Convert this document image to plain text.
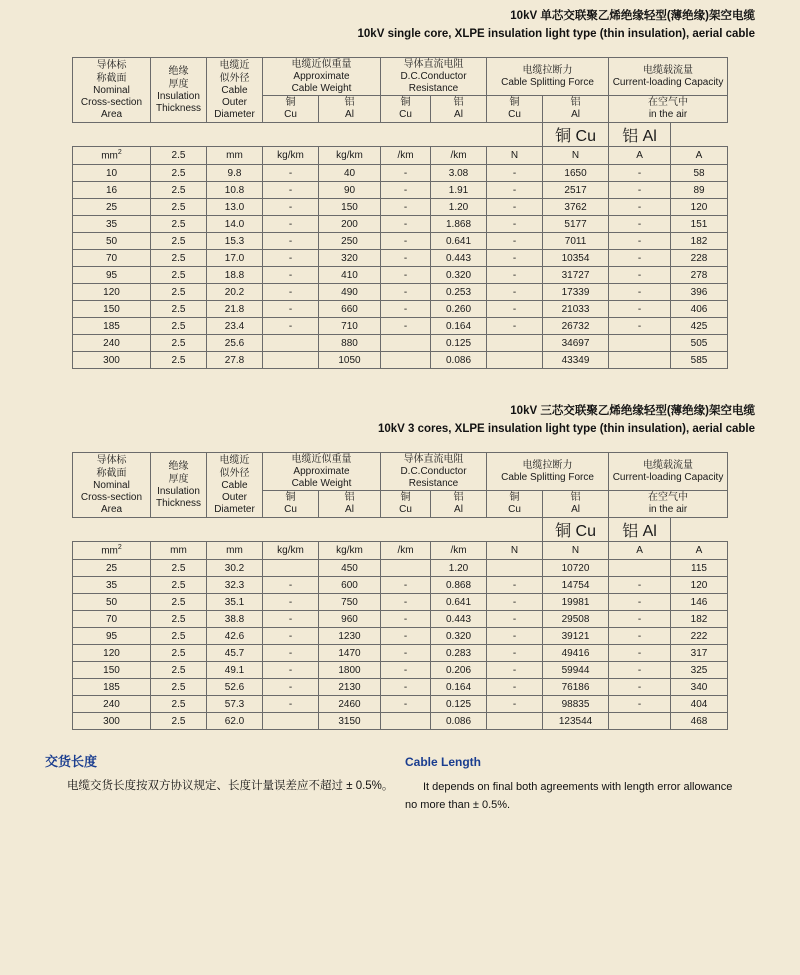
10kV 单芯交联聚乙烯绝缘轻型(薄绝缘)架空电缆
10kV single core, XLPE insulation light type (thin insulation), aerial cable
导体标
称截面
Nominal
Cross-section
Area	绝缘
厚度
Insulation
Thickness	电缆近
似外径
Cable
Outer
Diameter	电缆近似重量
Approximate
Cable Weight		导体直流电阻
D.C.Conductor
Resistance		电缆拉断力
Cable Splitting Force		电缆载流量
Current-loading Capacity	

			铜
Cu	铝
Al	铜
Cu	铝
Al	铜
Cu	铝
Al	在空气中
in the air	

								铜 Cu	铝 Al	
$mm^2$	2.5	mm	kg/km	kg/km	/km	/km	N	N	A	A
10	2.5	9.8	-	40	-	3.08	-	1650	-	58
16	2.5	10.8	-	90	-	1.91	-	2517	-	89
25	2.5	13.0	-	150	-	1.20	-	3762	-	120
35	2.5	14.0	-	200	-	1.868	-	5177	-	151
50	2.5	15.3	-	250	-	0.641	-	7011	-	182
70	2.5	17.0	-	320	-	0.443	-	10354	-	228
95	2.5	18.8	-	410	-	0.320	-	31727	-	278
120	2.5	20.2	-	490	-	0.253	-	17339	-	396
150	2.5	21.8	-	660	-	0.260	-	21033	-	406
185	2.5	23.4	-	710	-	0.164	-	26732	-	425
240	2.5	25.6		880		0.125		34697		505
300	2.5	27.8		1050		0.086		43349		585
10kV 三芯交联聚乙烯绝缘轻型(薄绝缘)架空电缆
10kV 3 cores, XLPE insulation light type (thin insulation), aerial cable
导体标
称截面
Nominal
Cross-section
Area	绝缘
厚度
Insulation
Thickness	电缆近
似外径
Cable
Outer
Diameter	电缆近似重量
Approximate
Cable Weight		导体直流电阻
D.C.Conductor
Resistance		电缆拉断力
Cable Splitting Force		电缆载流量
Current-loading Capacity	

			铜
Cu	铝
Al	铜
Cu	铝
Al	铜
Cu	铝
Al	在空气中
in the air	

								铜 Cu	铝 Al	
$mm^2$	mm	mm	kg/km	kg/km	/km	/km	N	N	A	A
25	2.5	30.2		450		1.20		10720		115
35	2.5	32.3	-	600	-	0.868	-	14754	-	120
50	2.5	35.1	-	750	-	0.641	-	19981	-	146
70	2.5	38.8	-	960	-	0.443	-	29508	-	182
95	2.5	42.6	-	1230	-	0.320	-	39121	-	222
120	2.5	45.7	-	1470	-	0.283	-	49416	-	317
150	2.5	49.1	-	1800	-	0.206	-	59944	-	325
185	2.5	52.6	-	2130	-	0.164	-	76186	-	340
240	2.5	57.3	-	2460	-	0.125	-	98835	-	404
300	2.5	62.0		3150		0.086		123544		468
交货长度
电缆交货长度按双方协议规定、长度计量误差应不超过 ± 0.5%。
Cable Length
It depends on final both agreements with length error allowance no more than ± 0.5%.
